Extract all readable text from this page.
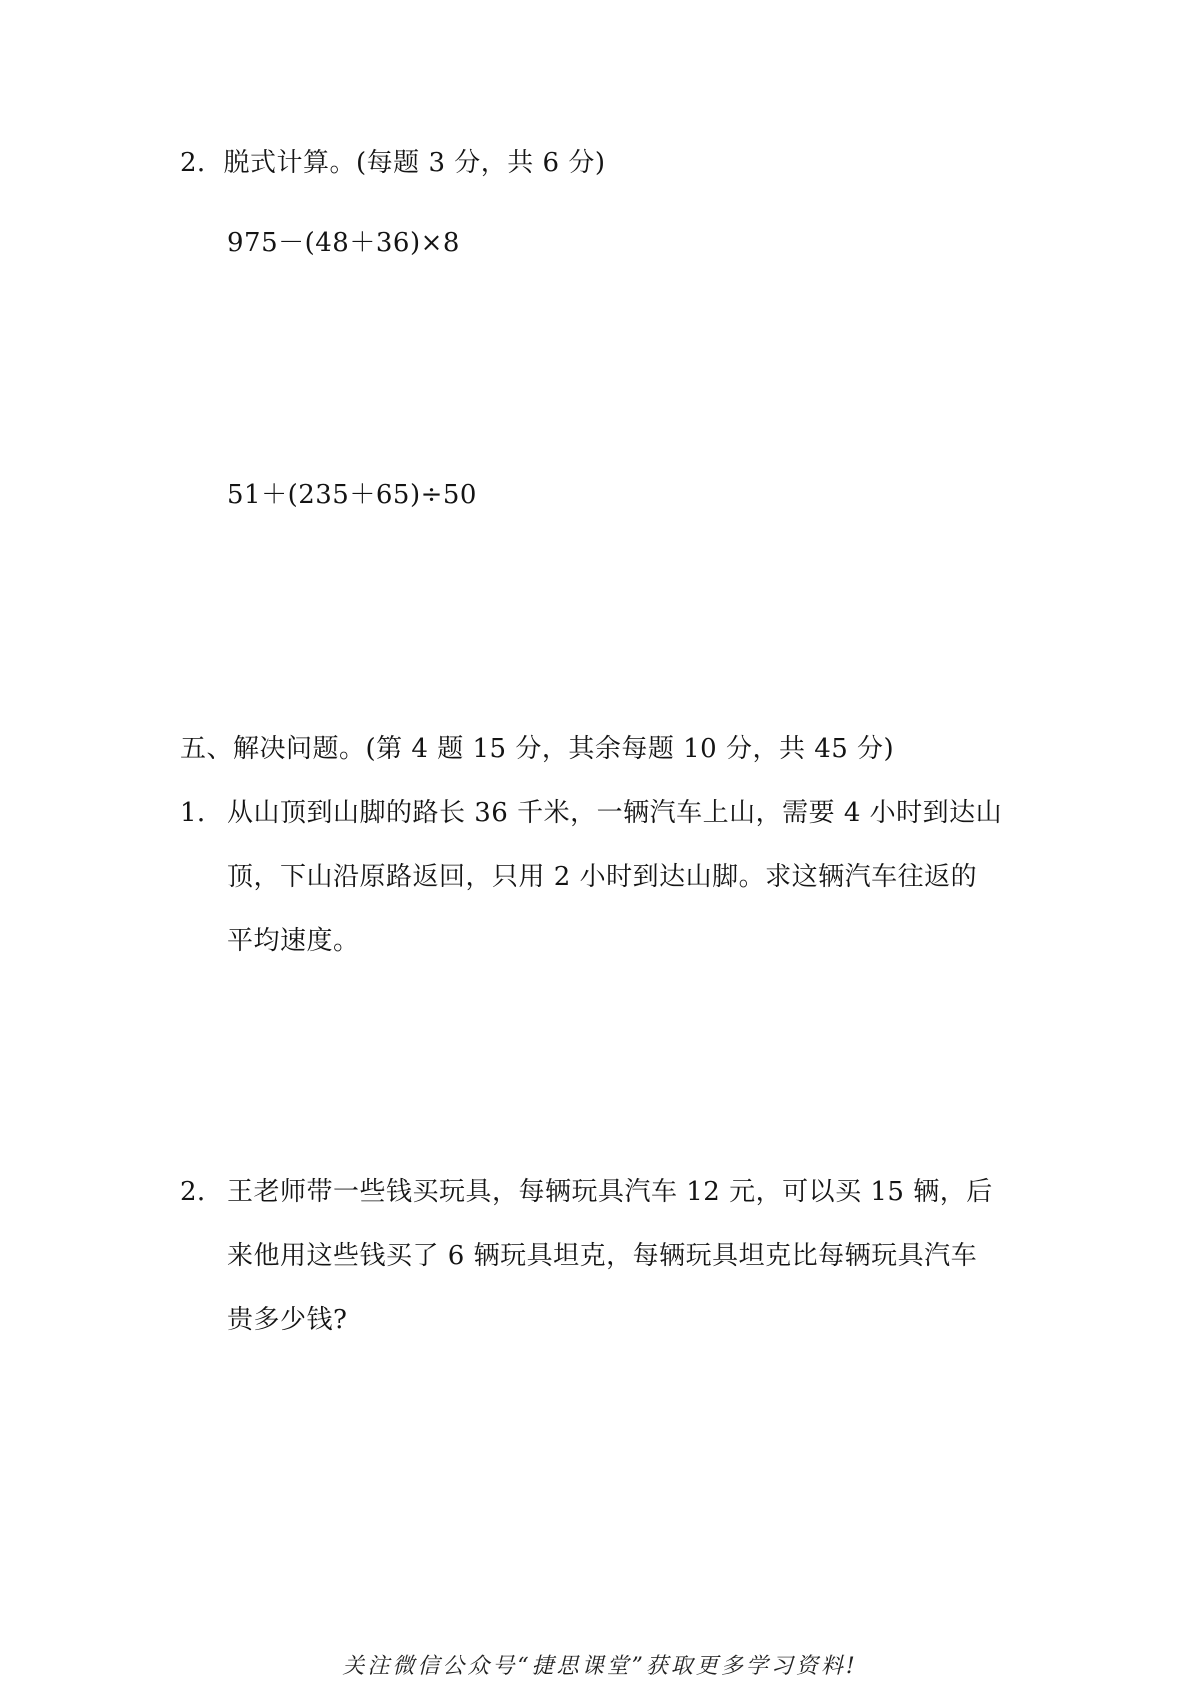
2．脱式计算。(每题 3 分，共 6 分)
975－(48＋36)×8
51＋(235＋65)÷50
五、解决问题。(第 4 题 15 分，其余每题 10 分，共 45 分)
1． 从山顶到山脚的路长 36 千米，一辆汽车上山，需要 4 小时到达山
顶，下山沿原路返回，只用 2 小时到达山脚。求这辆汽车往返的
平均速度。
2． 王老师带一些钱买玩具，每辆玩具汽车 12 元，可以买 15 辆，后
来他用这些钱买了 6 辆玩具坦克，每辆玩具坦克比每辆玩具汽车
贵多少钱?
关注微信公众号“捷思课堂”获取更多学习资料!
